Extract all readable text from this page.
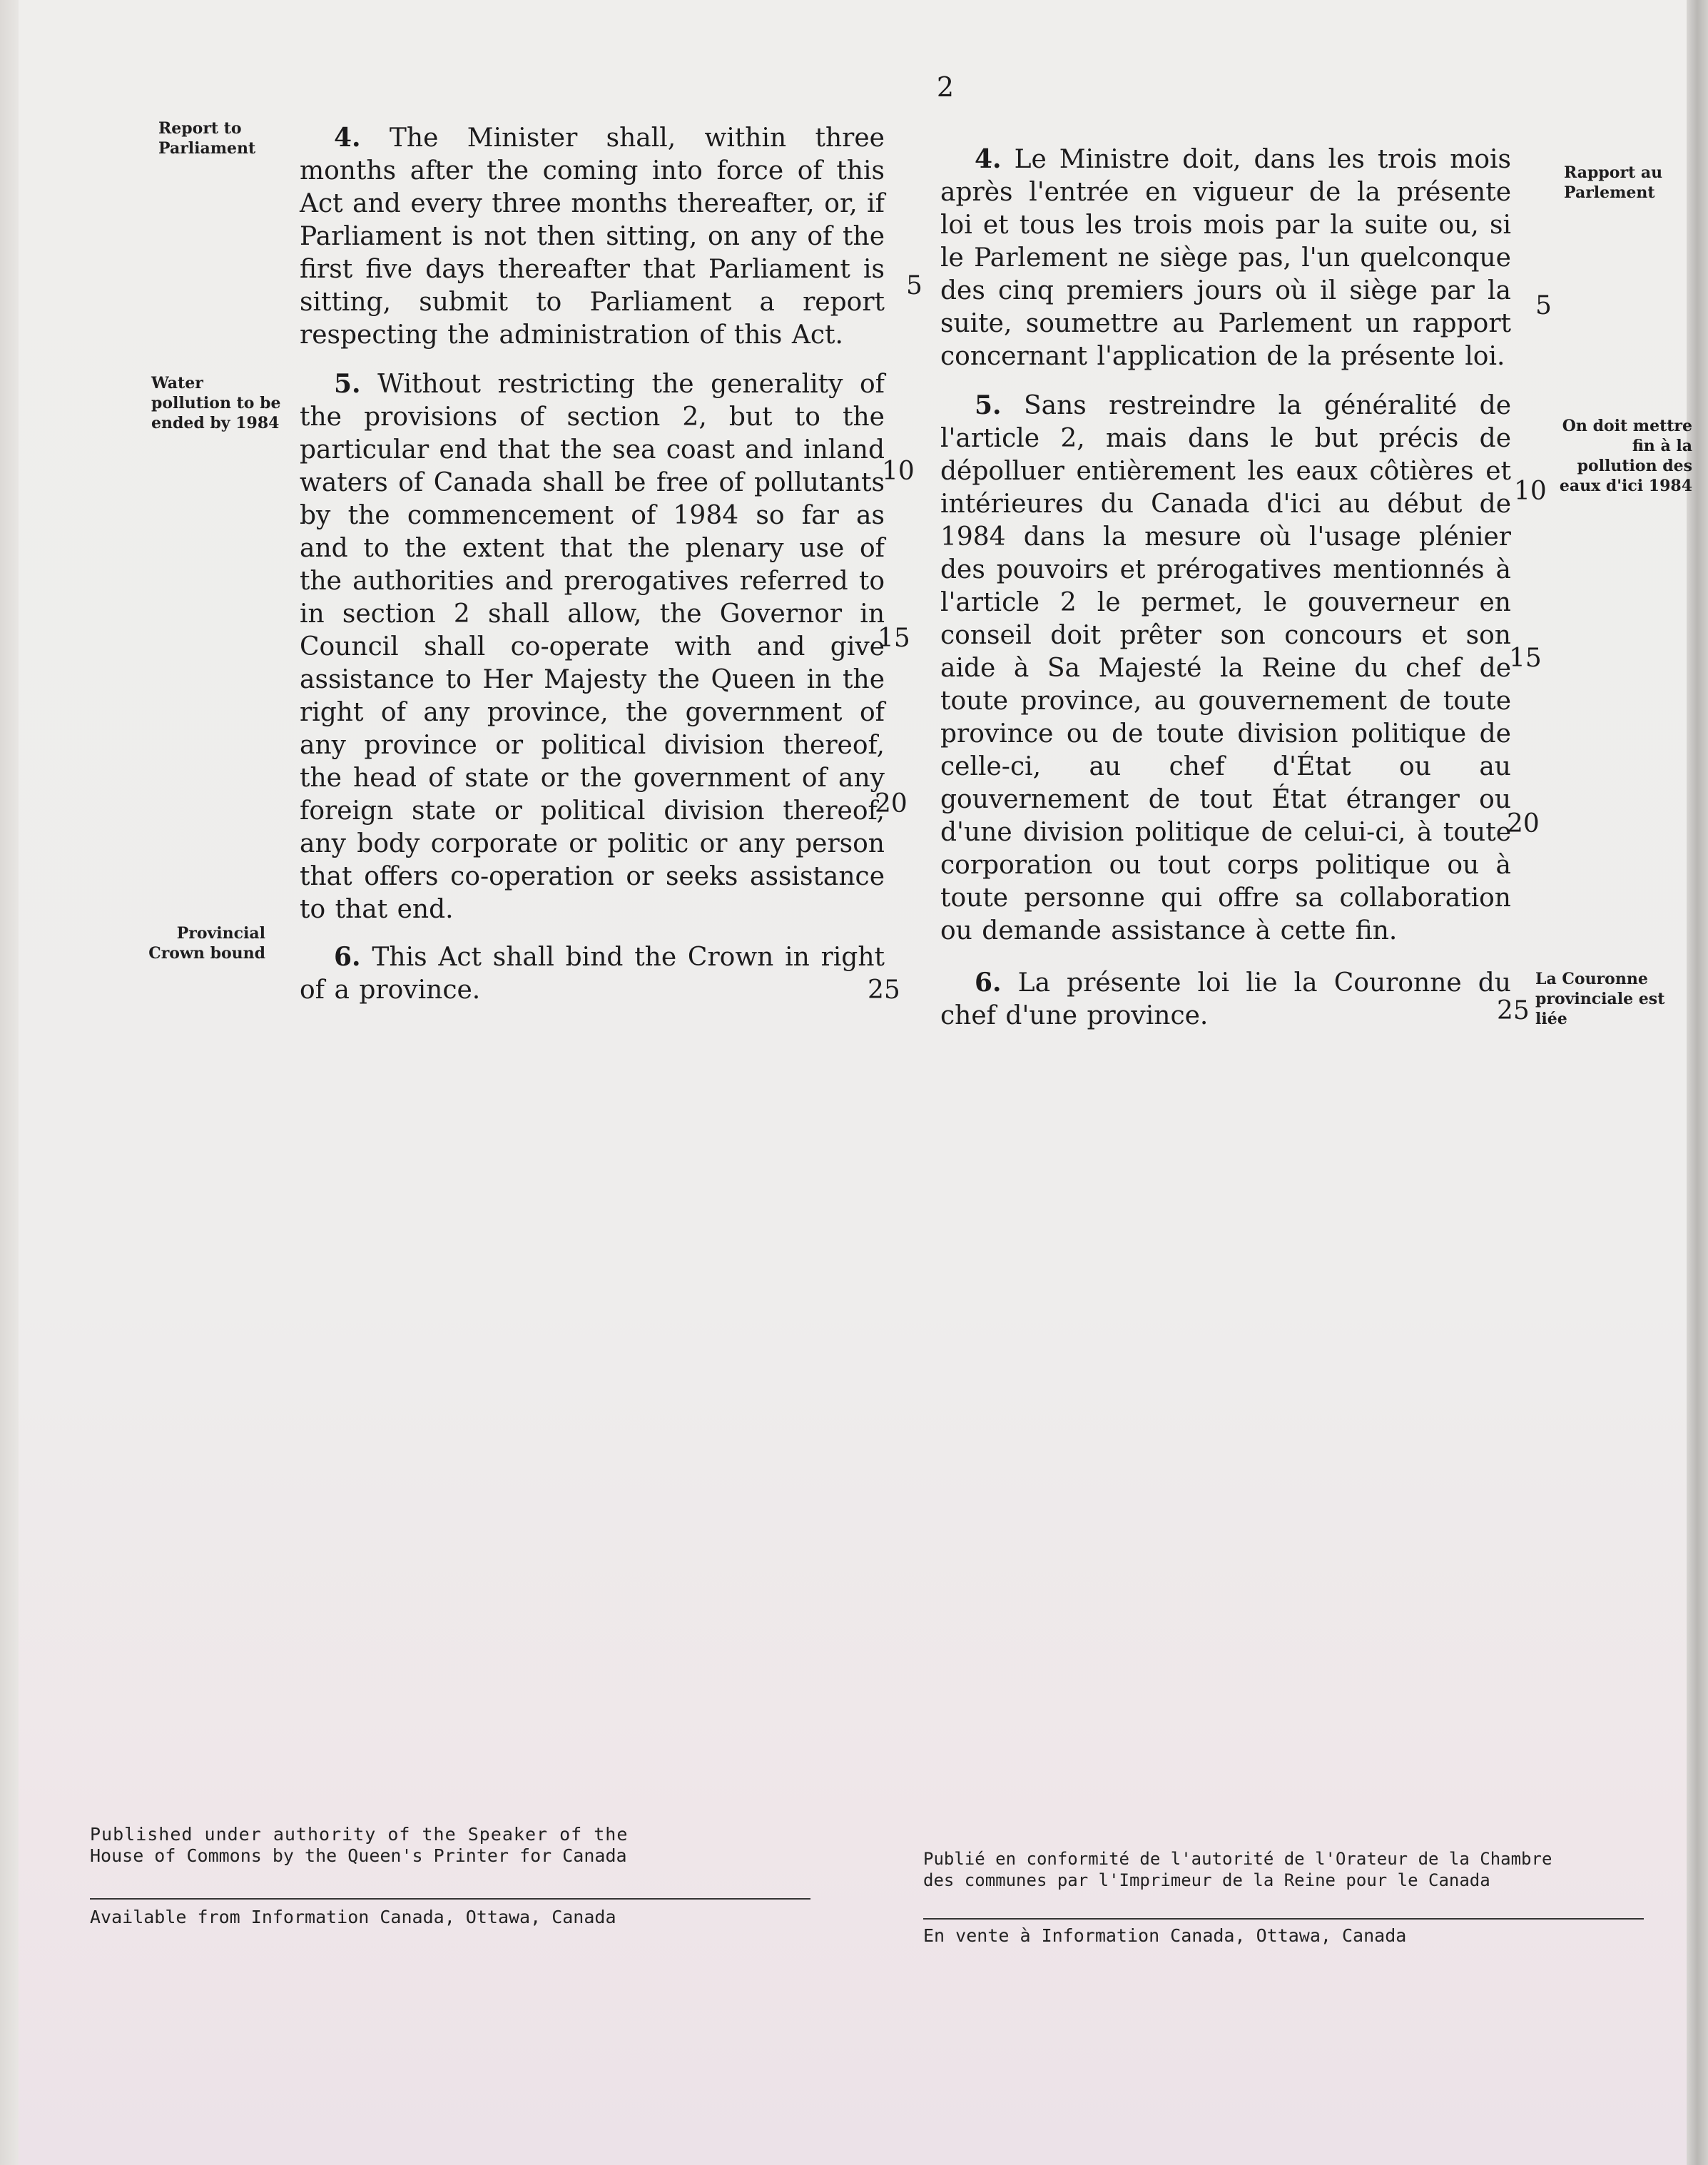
2
Report to Parliament
Water pollution to be ended by 1984
Provincial Crown bound

4. The Minister shall, within three months after the coming into force of this Act and every three months thereafter, or, if Parliament is not then sitting, on any of the first five days thereafter that Parliament is sitting, submit to Parliament a report respecting the administration of this Act.

5. Without restricting the generality of the provisions of section 2, but to the particular end that the sea coast and inland waters of Canada shall be free of pollutants by the commencement of 1984 so far as and to the extent that the plenary use of the authorities and prerogatives referred to in section 2 shall allow, the Governor in Council shall co-operate with and give assistance to Her Majesty the Queen in the right of any province, the government of any province or political division thereof, the head of state or the government of any foreign state or political division thereof, any body corporate or politic or any person that offers co-operation or seeks assistance to that end.

6. This Act shall bind the Crown in right of a province.

5
10
15
20
25

4. Le Ministre doit, dans les trois mois après l'entrée en vigueur de la présente loi et tous les trois mois par la suite ou, si le Parlement ne siège pas, l'un quelconque des cinq premiers jours où il siège par la suite, soumettre au Parlement un rapport concernant l'application de la présente loi.

5. Sans restreindre la généralité de l'article 2, mais dans le but précis de dépolluer entièrement les eaux côtières et intérieures du Canada d'ici au début de 1984 dans la mesure où l'usage plénier des pouvoirs et prérogatives mentionnés à l'article 2 le permet, le gouverneur en conseil doit prêter son concours et son aide à Sa Majesté la Reine du chef de toute province, au gouvernement de toute province ou de toute division politique de celle-ci, au chef d'État ou au gouvernement de tout État étranger ou d'une division politique de celui-ci, à toute corporation ou tout corps politique ou à toute personne qui offre sa collaboration ou demande assistance à cette fin.

6. La présente loi lie la Couronne du chef d'une province.

5
10
15
20
25
Rapport au Parlement
On doit mettre fin à la pollution des eaux d'ici 1984
La Couronne provinciale est liée
Published under authority of the Speaker of the
House of Commons by the Queen's Printer for Canada
Available from Information Canada, Ottawa, Canada
Publié en conformité de l'autorité de l'Orateur de la Chambre
des communes par l'Imprimeur de la Reine pour le Canada
En vente à Information Canada, Ottawa, Canada
